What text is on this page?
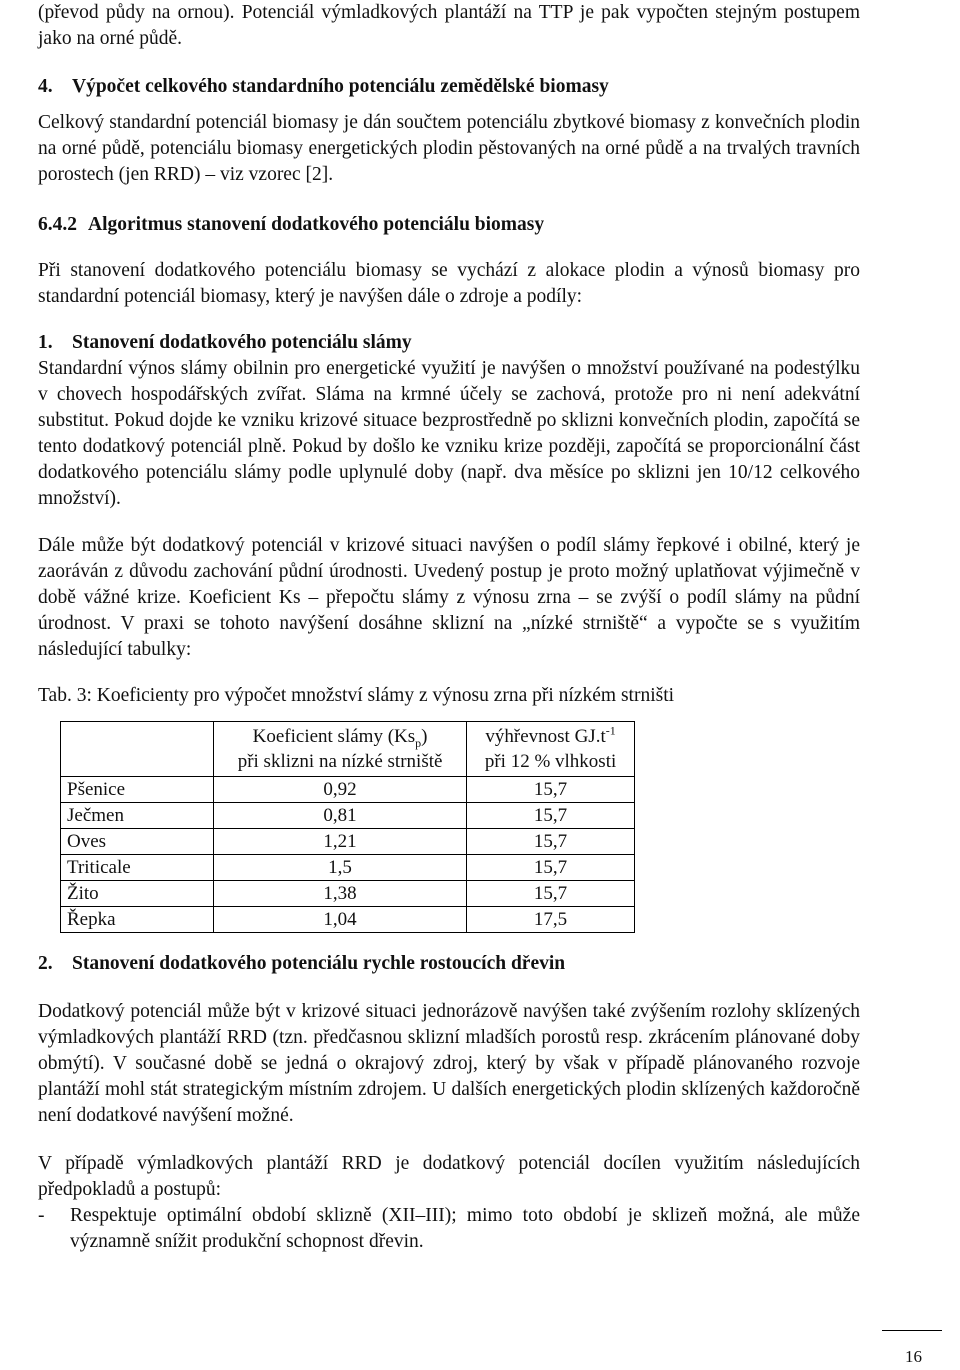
(převod půdy na ornou). Potenciál výmladkových plantáží na TTP je pak vypočten stejným postupem jako na orné půdě.

4. Výpočet celkového standardního potenciálu zemědělské biomasy

Celkový standardní potenciál biomasy je dán součtem potenciálu zbytkové biomasy z konvečních plodin na orné půdě, potenciálu biomasy energetických plodin pěstovaných na orné půdě a na trvalých travních porostech (jen RRD) – viz vzorec [2].

6.4.2 Algoritmus stanovení dodatkového potenciálu biomasy

Při stanovení dodatkového potenciálu biomasy se vychází z alokace plodin a výnosů biomasy pro standardní potenciál biomasy, který je navýšen dále o zdroje a podíly:

1. Stanovení dodatkového potenciálu slámy

Standardní výnos slámy obilnin pro energetické využití je navýšen o množství používané na podestýlku v chovech hospodářských zvířat. Sláma na krmné účely se zachová, protože pro ni není adekvátní substitut. Pokud dojde ke vzniku krizové situace bezprostředně po sklizni konvečních plodin, započítá se tento dodatkový potenciál plně. Pokud by došlo ke vzniku krize později, započítá se proporcionální část dodatkového potenciálu slámy podle uplynulé doby (např. dva měsíce po sklizni jen 10/12 celkového množství).

Dále může být dodatkový potenciál v krizové situaci navýšen o podíl slámy řepkové i obilné, který je zaoráván z důvodu zachování půdní úrodnosti. Uvedený postup je proto možný uplatňovat výjimečně v době vážné krize. Koeficient Ks – přepočtu slámy z výnosu zrna – se zvýší o podíl slámy na půdní úrodnost. V praxi se tohoto navýšení dosáhne sklizní na „nízké strniště“ a vypočte se s využitím následující tabulky:

Tab. 3: Koeficienty pro výpočet množství slámy z výnosu zrna při nízkém strništi

	Koeficient slámy $(Ks_p)$
při sklizni na nízké strniště	výhřevnost $GJ.t^{-1}$
při 12 % vlhkosti
Pšenice	0,92	15,7
Ječmen	0,81	15,7
Oves	1,21	15,7
Triticale	1,5	15,7
Žito	1,38	15,7
Řepka	1,04	17,5
2. Stanovení dodatkového potenciálu rychle rostoucích dřevin

Dodatkový potenciál může být v krizové situaci jednorázově navýšen také zvýšením rozlohy sklízených výmladkových plantáží RRD (tzn. předčasnou sklizní mladších porostů resp. zkrácením plánované doby obmýtí). V současné době se jedná o okrajový zdroj, který by však v případě plánovaného rozvoje plantáží mohl stát strategickým místním zdrojem. U dalších energetických plodin sklízených každoročně není dodatkové navýšení možné.

V případě výmladkových plantáží RRD je dodatkový potenciál docílen využitím následujících předpokladů a postupů:

-	Respektuje optimální období sklizně (XII–III); mimo toto období je sklizeň možná, ale může významně snížit produkční schopnost dřevin.

16
